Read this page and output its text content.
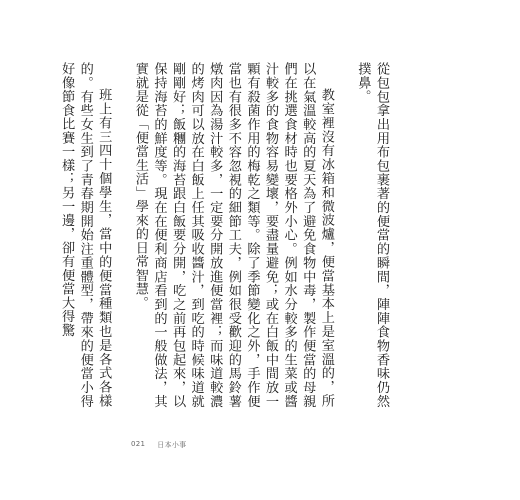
從包包拿出用布包裹著的便當的瞬間，陣陣食物香味仍然撲鼻。

教室裡沒有冰箱和微波爐，便當基本上是室溫的，所以在氣溫較高的夏天為了避免食物中毒，製作便當的母親們在挑選食材時也要格外小心。例如水分較多的生菜或醬汁較多的食物容易變壞，要盡量避免；或在白飯中間放一顆有殺菌作用的梅乾之類等。除了季節變化之外，手作便當也有很多不容忽視的細節工夫，例如很受歡迎的馬鈴薯燉肉因為湯汁較多，一定要分開放進便當裡；而味道較濃的烤肉可以放在白飯上任其吸收醬汁，到吃的時候味道就剛剛好；飯糰的海苔跟白飯要分開，吃之前再包起來，以保持海苔的鮮度等。現在在便利商店看到的一般做法，其實就是從「便當生活」學來的日常智慧。

班上有三四十個學生，當中的便當種類也是各式各樣的。有些女生到了青春期開始注重體型，帶來的便當小得好像節食比賽一樣；另一邊，卻有便當大得驚

021 日本小事
